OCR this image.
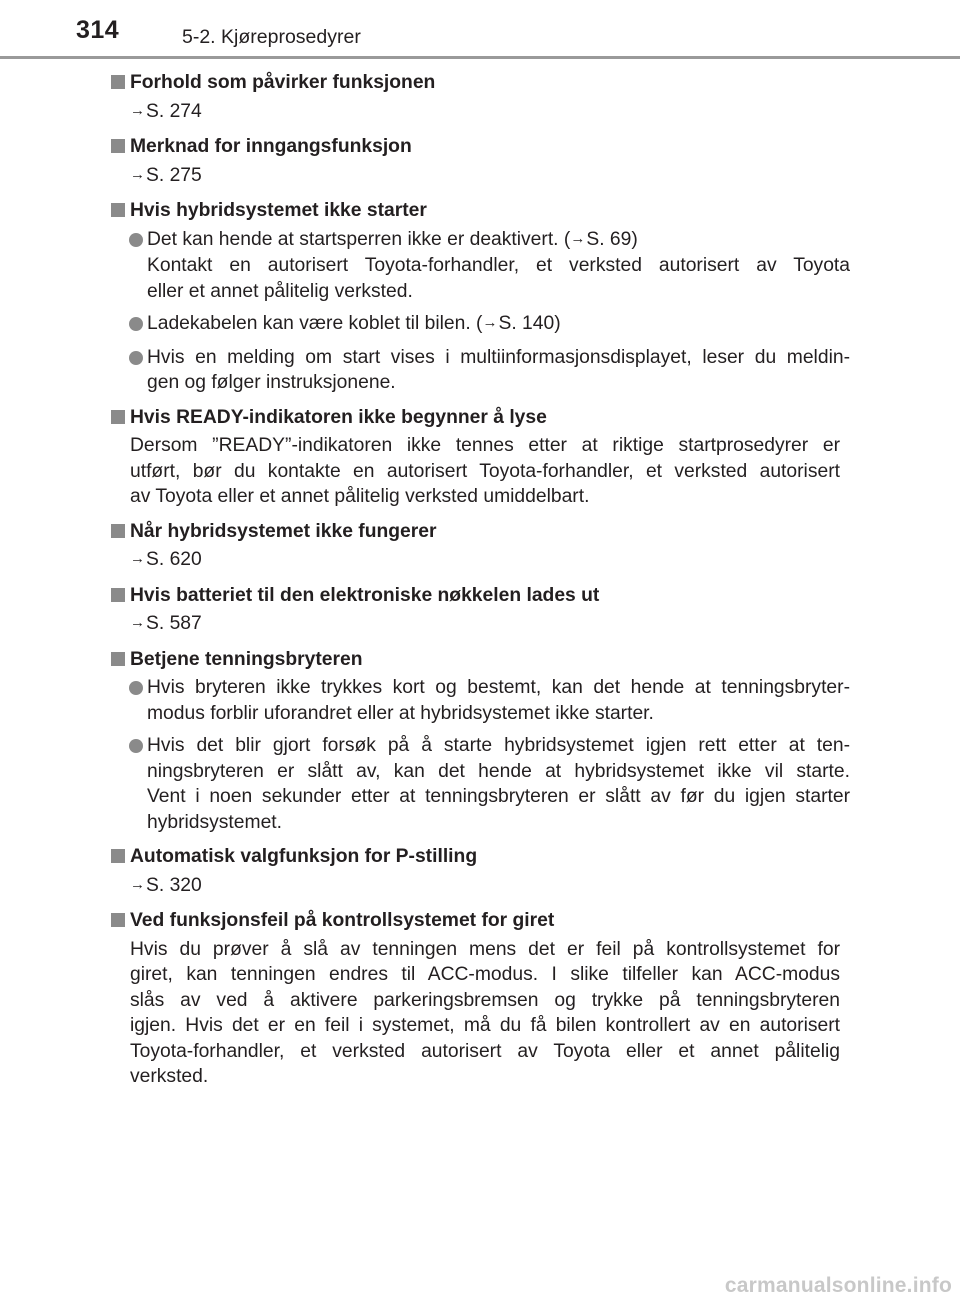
314	5-2. Kjøreprosedyrer
Forhold som påvirker funksjonen
→S. 274
Merknad for inngangsfunksjon
→S. 275
Hvis hybridsystemet ikke starter
Det kan hende at startsperren ikke er deaktivert. (→S. 69)
Kontakt en autorisert Toyota-forhandler, et verksted autorisert av Toyota
eller et annet pålitelig verksted.
Ladekabelen kan være koblet til bilen. (→S. 140)
Hvis en melding om start vises i multiinformasjonsdisplayet, leser du meldin-
gen og følger instruksjonene.
Hvis READY-indikatoren ikke begynner å lyse
Dersom ”READY”-indikatoren ikke tennes etter at riktige startprosedyrer er
utført, bør du kontakte en autorisert Toyota-forhandler, et verksted autorisert
av Toyota eller et annet pålitelig verksted umiddelbart.
Når hybridsystemet ikke fungerer
→S. 620
Hvis batteriet til den elektroniske nøkkelen lades ut
→S. 587
Betjene tenningsbryteren
Hvis bryteren ikke trykkes kort og bestemt, kan det hende at tenningsbryter-
modus forblir uforandret eller at hybridsystemet ikke starter.
Hvis det blir gjort forsøk på å starte hybridsystemet igjen rett etter at ten-
ningsbryteren er slått av, kan det hende at hybridsystemet ikke vil starte.
Vent i noen sekunder etter at tenningsbryteren er slått av før du igjen starter
hybridsystemet.
Automatisk valgfunksjon for P-stilling
→S. 320
Ved funksjonsfeil på kontrollsystemet for giret
Hvis du prøver å slå av tenningen mens det er feil på kontrollsystemet for
giret, kan tenningen endres til ACC-modus. I slike tilfeller kan ACC-modus
slås av ved å aktivere parkeringsbremsen og trykke på tenningsbryteren
igjen. Hvis det er en feil i systemet, må du få bilen kontrollert av en autorisert
Toyota-forhandler, et verksted autorisert av Toyota eller et annet pålitelig
verksted.
carmanualsonline.info
